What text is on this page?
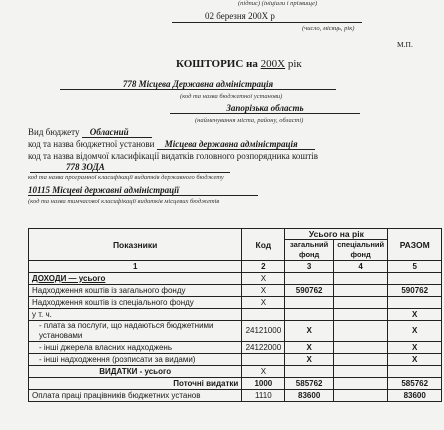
(підпис) (ініціали і прізвище)
02 березня 200X р
(число, місяць, рік)
М.П.
КОШТОРИС на 200X рік
778 Місцева Державна адміністрація
(код та назва бюджетної установи)
Запорізька область
(найменування міста, району, області)
Вид бюджету Обласний
код та назва бюджетної установи Місцева державна адміністрація
код та назва відомчої класифікації видатків головного розпорядника коштів
778 ЗОДА
код та назва програмної класифікації видатків державного бюджету
10115 Місцеві державні адміністрації
(код та назва тимчасової класифікації видатків місцевих бюджетів
Показники	Код	Усього на рік		РАЗОМ
		загальний фонд	спеціальний фонд	
1	2	3	4	5
ДОХОДИ — усього	X			
Надходження коштів із загального фонду	X	590762		590762
Надходження коштів із спеціального фонду	X			
у т. ч.				X
- плата за послуги, що надаються бюджетними установами	24121000	X		X
- інші джерела власних надходжень	24122000	X		X
- інші надходження (розписати за видами)		X		X
ВИДАТКИ - усього	X			
Поточні видатки	1000	585762		585762
Оплата праці працівників бюджетних установ	1110	83600		83600
